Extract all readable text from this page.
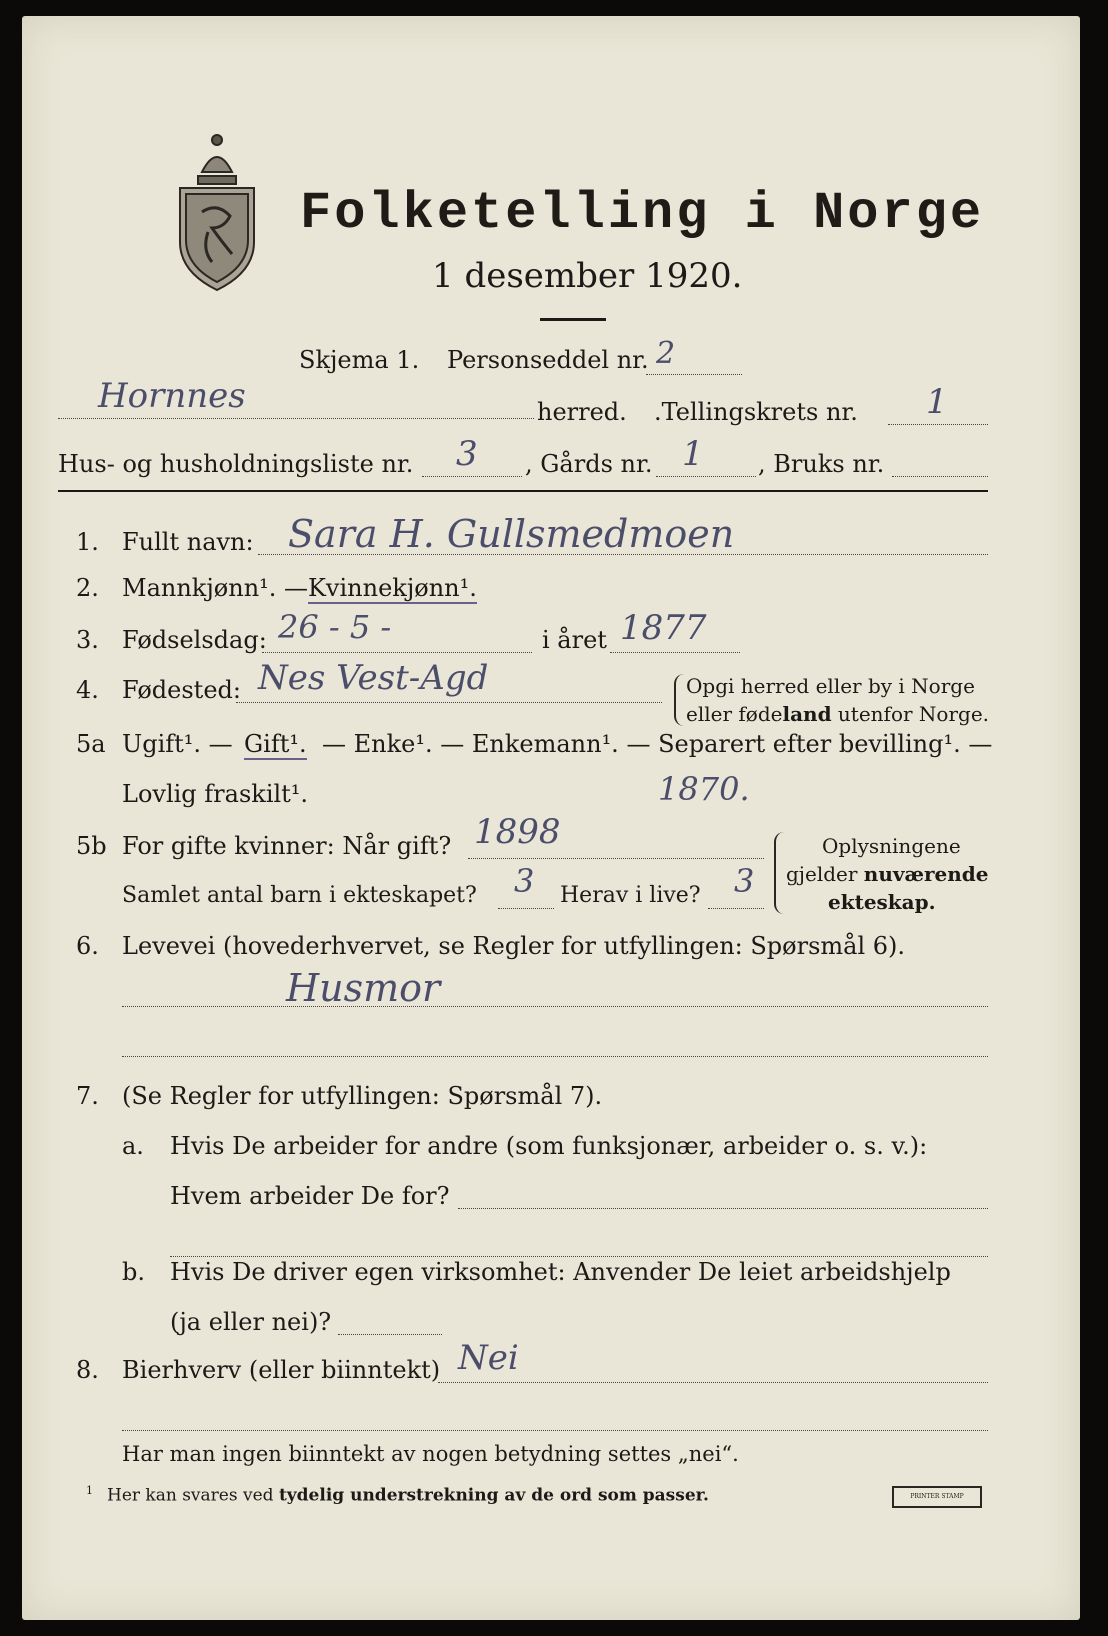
Folketelling i Norge
1 desember 1920.
Skjema 1. Personseddel nr. 2
Hornnes	herred. .Tellingskrets nr. 1
Hus- og husholdningsliste nr. 3 , Gårds nr. 1 , Bruks nr.
1. Fullt navn: Sara H. Gullsmedmoen
2. Mannkjønn¹. — Kvinnekjønn¹.
3. Fødselsdag: 26 - 5 -	i året 1877
4. Fødested: Nes Vest-Agd	Opgi herred eller by i Norge
eller fødeland utenfor Norge.
5a Ugift¹. — Gift¹. — Enke¹. — Enkemann¹. — Separert efter bevilling¹. —
Lovlig fraskilt¹.	1870.
5b For gifte kvinner: Når gift? 1898
Samlet antal barn i ekteskapet? 3 Herav i live? 3
Oplysningene
gjelder nuværende
ekteskap.
6. Levevei (hovederhvervet, se Regler for utfyllingen: Spørsmål 6).
Husmor
7. (Se Regler for utfyllingen: Spørsmål 7).
a. Hvis De arbeider for andre (som funksjonær, arbeider o. s. v.):
Hvem arbeider De for?
b. Hvis De driver egen virksomhet: Anvender De leiet arbeidshjelp
(ja eller nei)?
8. Bierhverv (eller biinntekt) Nei
Har man ingen biinntekt av nogen betydning settes „nei“.
$^1$ Her kan svares ved tydelig understrekning av de ord som passer.	PRINTER STAMP
